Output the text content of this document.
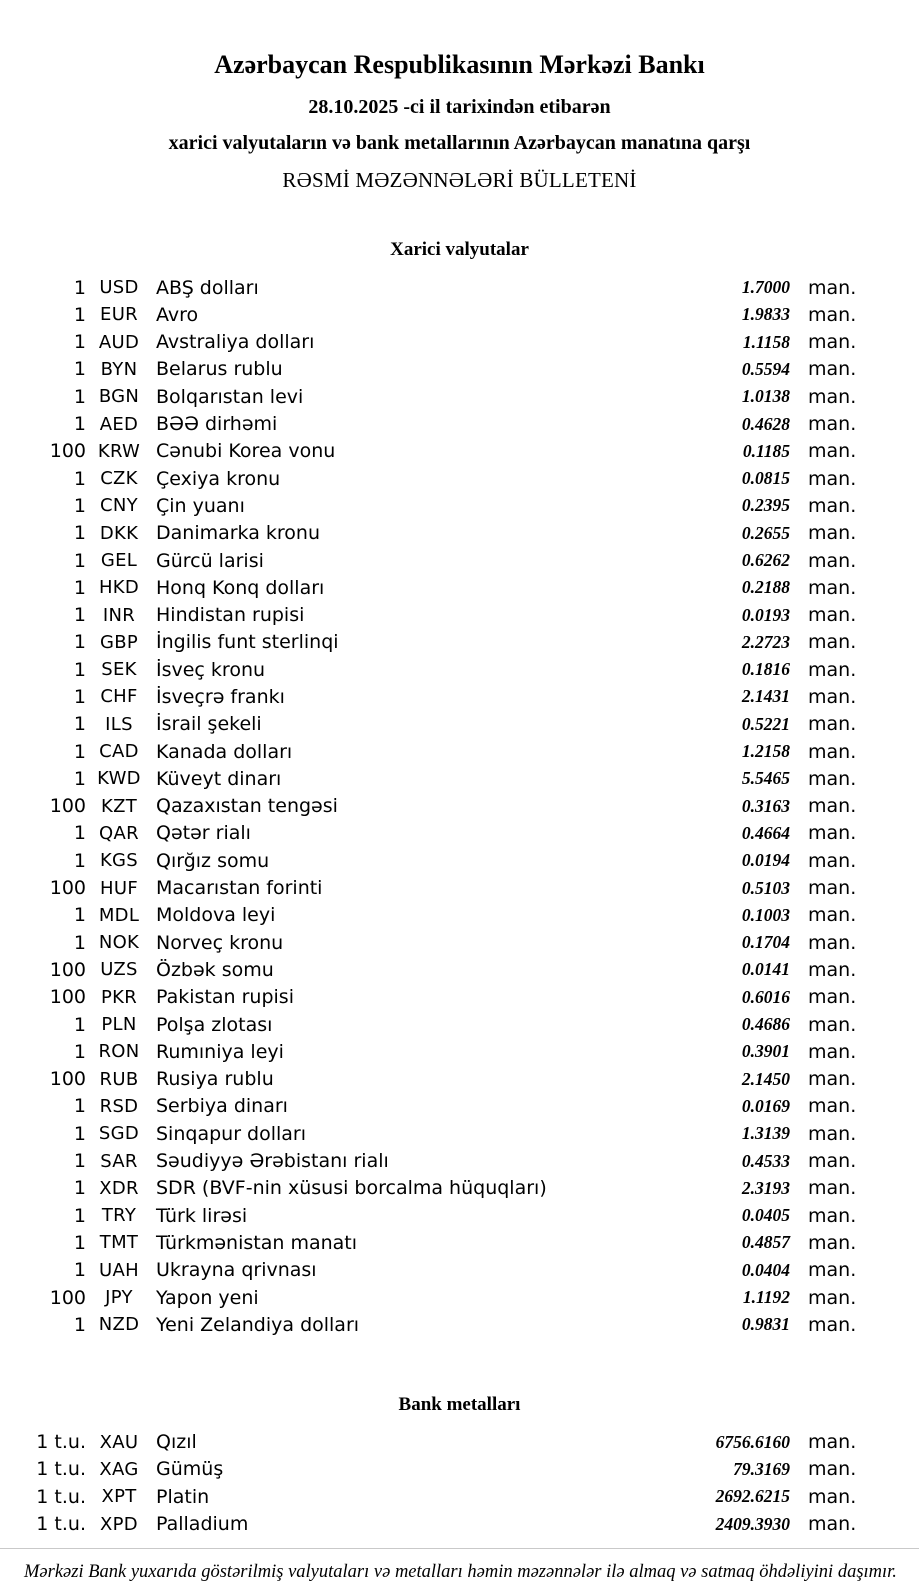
Azərbaycan Respublikasının Mərkəzi Bankı
28.10.2025 -ci il tarixindən etibarən
xarici valyutaların və bank metallarının Azərbaycan manatına qarşı
RƏSMİ MƏZƏNNƏLƏRİ BÜLLETENİ
Xarici valyutalar
1 USD ABŞ dolları	1.7000 man.
1 EUR Avro	1.9833 man.
1 AUD Avstraliya dolları	1.1158 man.
1 BYN Belarus rublu	0.5594 man.
1 BGN Bolqarıstan levi	1.0138 man.
1 AED BƏƏ dirhəmi	0.4628 man.
100 KRW Cənubi Korea vonu	0.1185 man.
1 CZK Çexiya kronu	0.0815 man.
1 CNY Çin yuanı	0.2395 man.
1 DKK Danimarka kronu	0.2655 man.
1 GEL Gürcü larisi	0.6262 man.
1 HKD Honq Konq dolları	0.2188 man.
1 INR	Hindistan rupisi	0.0193 man.
1 GBP İngilis funt sterlinqi	2.2723 man.
1 SEK	İsveç kronu	0.1816 man.
1 CHF İsveçrə frankı	2.1431 man.
1	ILS	İsrail şekeli	0.5221 man.
1 CAD Kanada dolları	1.2158 man.
1 KWD Küveyt dinarı	5.5465 man.
100 KZT Qazaxıstan tengəsi	0.3163 man.
1 QAR Qətər rialı	0.4664 man.
1 KGS Qırğız somu	0.0194 man.
100 HUF Macarıstan forinti	0.5103 man.
1 MDL Moldova leyi	0.1003 man.
1 NOK Norveç kronu	0.1704 man.
100 UZS Özbək somu	0.0141 man.
100 PKR Pakistan rupisi	0.6016 man.
1 PLN	Polşa zlotası	0.4686 man.
1 RON Rumıniya leyi	0.3901 man.
100 RUB Rusiya rublu	2.1450 man.
1 RSD Serbiya dinarı	0.0169 man.
1 SGD Sinqapur dolları	1.3139 man.
1 SAR Səudiyyə Ərəbistanı rialı	0.4533 man.
1 XDR SDR (BVF-nin xüsusi borcalma hüquqları)	2.3193 man.
1 TRY	Türk lirəsi	0.0405 man.
1 TMT Türkmənistan manatı	0.4857 man.
1 UAH Ukrayna qrivnası	0.0404 man.
100	JPY	Yapon yeni	1.1192 man.
1 NZD Yeni Zelandiya dolları	0.9831 man.
Bank metalları
1 t.u. XAU Qızıl	6756.6160 man.
1 t.u. XAG Gümüş	79.3169 man.
1 t.u. XPT	Platin	2692.6215 man.
1 t.u. XPD Palladium	2409.3930 man.
Mərkəzi Bank yuxarıda göstərilmiş valyutaları və metalları həmin məzənnələr ilə almaq və satmaq öhdəliyini daşımır.
